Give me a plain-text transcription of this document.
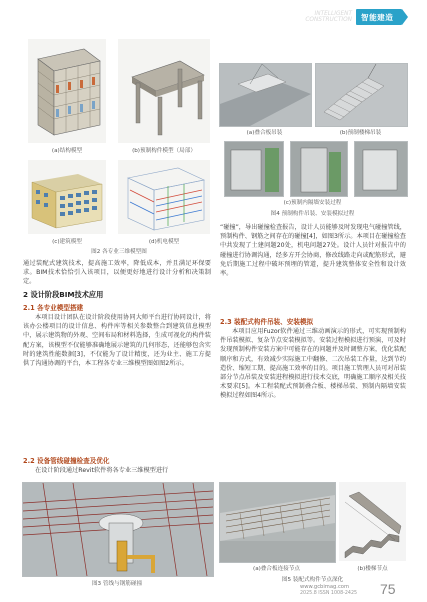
INTELLIGENT
CONSTRUCTION 智能建造
(a)结构模型	(b)预制构件模型（局部）
(c)建筑模型	(d)机电模型
图2 各专业三维模型图
(a)叠合板吊装	(b)预制楼梯吊装
(c)预制内隔墙安装过程
图4 预制构件吊装、安装模拟过程
通过装配式建筑技术，提高施工效率，降低成本，并且满足环保要求。BIM技术恰恰引入该项目，以便更好地进行设计分析和决策制定。
2 设计阶段BIM技术应用
2.1 各专业模型搭建
本项目设计团队在设计阶段使用协同大师平台进行协同设计，将该办公楼项目的设计信息、构件库等相关参数整合到建筑信息模型中，展示建筑物的外观、空间布局和材料选择，生成可视化的构件装配方案，该模型不仅能够准确地展示建筑的几何形态，还能够包含实时的建筑性能数据[3]，不仅能为了设计精度，还为业主、施工方提供了沟通协调的平台，本工程各专业三维模型图如图2所示。
2.2 设备管线碰撞检查及优化
在设计阶段通过Revit软件将各专业三维模型进行
“碰撞”，导出碰撞检查报告，设计人员能够及时发现电气碰撞管线，预制构件、钢筋之间存在的碰撞[4]，如图3所示。本项目在碰撞检查中共发现了土建问题20处，机电问题27处。设计人员针对报告中的碰撞进行协调沟通，经多方开会协商，修改线路走向或配筋形式，避免后期施工过程中破坏预埋的管道，提升建筑整体安全性和设计效率。
2.3 装配式构件吊装、安装模拟
本项目应用Fuzor软件通过三维动画演示的形式，可实现预制构件吊装模拟、复杂节点安装模拟等。安装过程模拟进行预演，可及时发现预制构件安装方案中可能存在的问题并及时调整方案，优化装配顺序和方式，有效减少实际施工中翻修、二次吊装工作量，达到节约造价、缩短工期、提高施工效率的目的。项目施工管理人员可对吊装部分节点吊装及安装进程模拟进行技术交底，明确施工顺序及相关技术要求[5]。本工程装配式预制叠合板、楼梯吊装、预制内隔墙安装模拟过程如图4所示。
图3 管线与钢筋碰撞
(a)叠合板连接节点	(b)楼梯节点
图5 装配式构件节点深化
www.gcbimag.com
2025.8 ISSN 1008-2425 75
